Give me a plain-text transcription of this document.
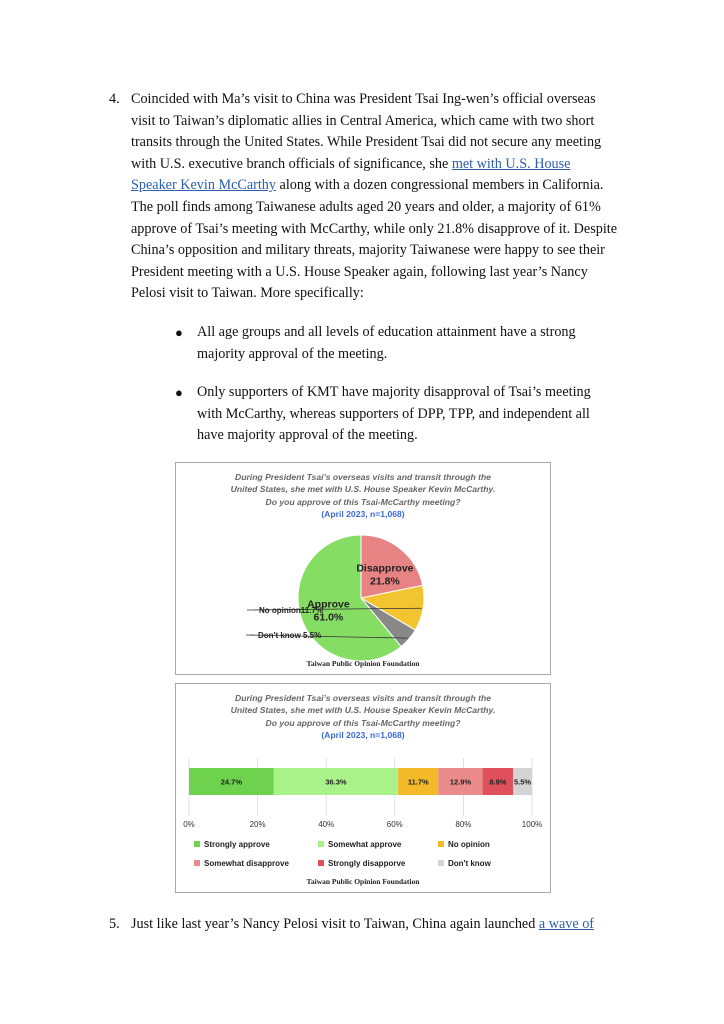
4. Coincided with Ma’s visit to China was President Tsai Ing-wen’s official overseas visit to Taiwan’s diplomatic allies in Central America, which came with two short transits through the United States. While President Tsai did not secure any meeting with U.S. executive branch officials of significance, she met with U.S. House Speaker Kevin McCarthy along with a dozen congressional members in California. The poll finds among Taiwanese adults aged 20 years and older, a majority of 61% approve of Tsai’s meeting with McCarthy, while only 21.8% disapprove of it. Despite China’s opposition and military threats, majority Taiwanese were happy to see their President meeting with a U.S. House Speaker again, following last year’s Nancy Pelosi visit to Taiwan. More specifically:
● All age groups and all levels of education attainment have a strong majority approval of the meeting.
● Only supporters of KMT have majority disapproval of Tsai’s meeting with McCarthy, whereas supporters of DPP, TPP, and independent all have majority approval of the meeting.
During President Tsai’s overseas visits and transit through the
United States, she met with U.S. House Speaker Kevin McCarthy.
Do you approve of this Tsai-McCarthy meeting?
(April 2023, n=1,068)
Approve 61.0%
Disapprove 21.8%
No opinion11.7%
Don't know 5.5%
Taiwan Public Opinion Foundation
During President Tsai’s overseas visits and transit through the
United States, she met with U.S. House Speaker Kevin McCarthy.
Do you approve of this Tsai-McCarthy meeting?
(April 2023, n=1,068)
0%	20%	40%	60%	80%	100%
24.7%	36.3%	11.7%	12.9% 8.9% 5.5%
Strongly approve	Somewhat approve	No opinion
Somewhat disapprove	Strongly disapporve	Don't know
Taiwan Public Opinion Foundation
5. Just like last year’s Nancy Pelosi visit to Taiwan, China again launched a wave of
